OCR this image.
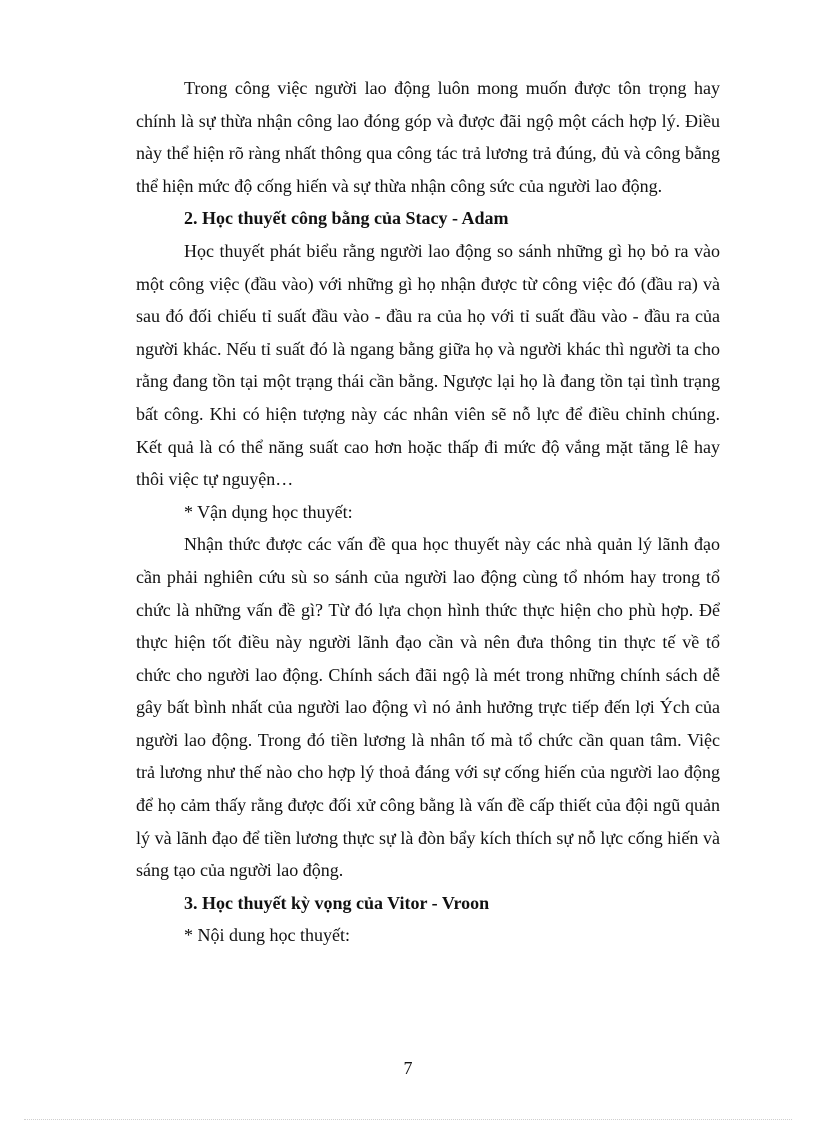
Trong công việc người lao động luôn mong muốn được tôn trọng hay chính là sự thừa nhận công lao đóng góp và được đãi ngộ một cách hợp lý. Điều này thể hiện rõ ràng nhất thông qua công tác trả lương trả đúng, đủ và công bằng thể hiện mức độ cống hiến và sự thừa nhận công sức của người lao động.

2. Học thuyết công bằng của Stacy - Adam

Học thuyết phát biểu rằng người lao động so sánh những gì họ bỏ ra vào một công việc (đầu vào) với những gì họ nhận được từ công việc đó (đầu ra) và sau đó đối chiếu tỉ suất đầu vào - đầu ra của họ với tỉ suất đầu vào - đầu ra của người khác. Nếu tỉ suất đó là ngang bằng giữa họ và người khác thì người ta cho rằng đang tồn tại một trạng thái cần bằng. Ngược lại họ là đang tồn tại tình trạng bất công. Khi có hiện tượng này các nhân viên sẽ nỗ lực để điều chỉnh chúng. Kết quả là có thể năng suất cao hơn hoặc thấp đi mức độ vắng mặt tăng lê hay thôi việc tự nguyện…

* Vận dụng học thuyết:

Nhận thức được các vấn đề qua học thuyết này các nhà quản lý lãnh đạo cần phải nghiên cứu sù so sánh của người lao động cùng tổ nhóm hay trong tổ chức là những vấn đề gì? Từ đó lựa chọn hình thức thực hiện cho phù hợp. Để thực hiện tốt điều này người lãnh đạo cần và nên đưa thông tin thực tế về tổ chức cho người lao động. Chính sách đãi ngộ là mét trong những chính sách dễ gây bất bình nhất của người lao động vì nó ảnh hưởng trực tiếp đến lợi Ých của người lao động. Trong đó tiền lương là nhân tố mà tổ chức cần quan tâm. Việc trả lương như thế nào cho hợp lý thoả đáng với sự cống hiến của người lao động để họ cảm thấy rằng được đối xử công bằng là vấn đề cấp thiết của đội ngũ quản lý và lãnh đạo để tiền lương thực sự là đòn bẩy kích thích sự nỗ lực cống hiến và sáng tạo của người lao động.

3. Học thuyết kỳ vọng của Vitor - Vroon

* Nội dung học thuyết:

7
